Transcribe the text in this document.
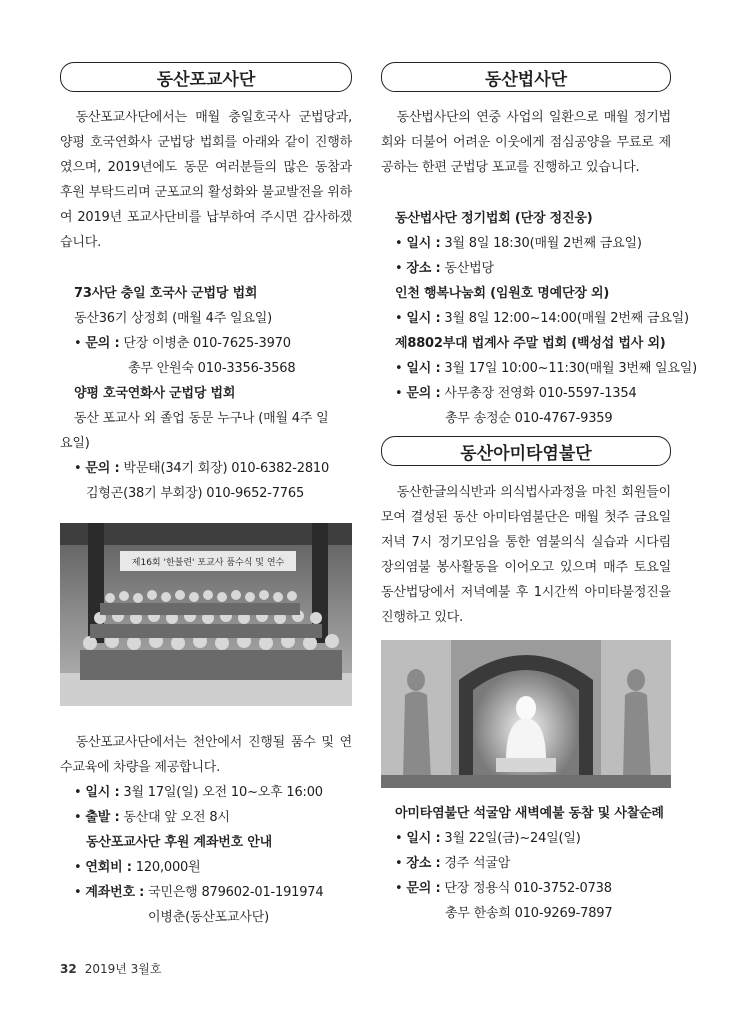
동산포교사단

동산포교사단에서는 매월 충일호국사 군법당과, 양평 호국연화사 군법당 법회를 아래와 같이 진행하였으며, 2019년에도 동문 여러분들의 많은 동참과 후원 부탁드리며 군포교의 활성화와 불교발전을 위하여 2019년 포교사단비를 납부하여 주시면 감사하겠습니다.

73사단 충일 호국사 군법당 법회
동산36기 상정회 (매월 4주 일요일)
• 문의 : 단장 이병춘 010-7625-3970
총무 안원숙 010-3356-3568
양평 호국연화사 군법당 법회
동산 포교사 외 졸업 동문 누구나 (매월 4주 일
요일)
• 문의 : 박문태(34기 회장) 010-6382-2810
김형곤(38기 부회장) 010-9652-7765
제16회 '한불련' 포교사 품수식 및 연수

동산포교사단에서는 천안에서 진행될 품수 및 연수교육에 차량을 제공합니다.

• 일시 : 3월 17일(일) 오전 10~오후 16:00
• 출발 : 동산대 앞 오전 8시
동산포교사단 후원 계좌번호 안내
• 연회비 : 120,000원
• 계좌번호 : 국민은행 879602-01-191974
이병춘(동산포교사단)
동산법사단

동산법사단의 연중 사업의 일환으로 매월 정기법회와 더불어 어려운 이웃에게 점심공양을 무료로 제공하는 한편 군법당 포교를 진행하고 있습니다.

동산법사단 정기법회 (단장 정진웅)
• 일시 : 3월 8일 18:30(매월 2번째 금요일)
• 장소 : 동산법당
인천 행복나눔회 (임원호 명예단장 외)
• 일시 : 3월 8일 12:00~14:00(매월 2번째 금요일)
제8802부대 법계사 주말 법회 (백성섭 법사 외)
• 일시 : 3월 17일 10:00~11:30(매월 3번째 일요일)
• 문의 : 사무총장 전영화 010-5597-1354
총무 송정순 010-4767-9359
동산아미타염불단

동산한글의식반과 의식법사과정을 마친 회원들이 모여 결성된 동산 아미타염불단은 매월 첫주 금요일 저녁 7시 정기모임을 통한 염불의식 실습과 시다림 장의염불 봉사활동을 이어오고 있으며 매주 토요일 동산법당에서 저녁예불 후 1시간씩 아미타불정진을 진행하고 있다.

아미타염불단 석굴암 새벽예불 동참 및 사찰순례
• 일시 : 3월 22일(금)~24일(일)
• 장소 : 경주 석굴암
• 문의 : 단장 정용식 010-3752-0738
총무 한송희 010-9269-7897
32 2019년 3월호
